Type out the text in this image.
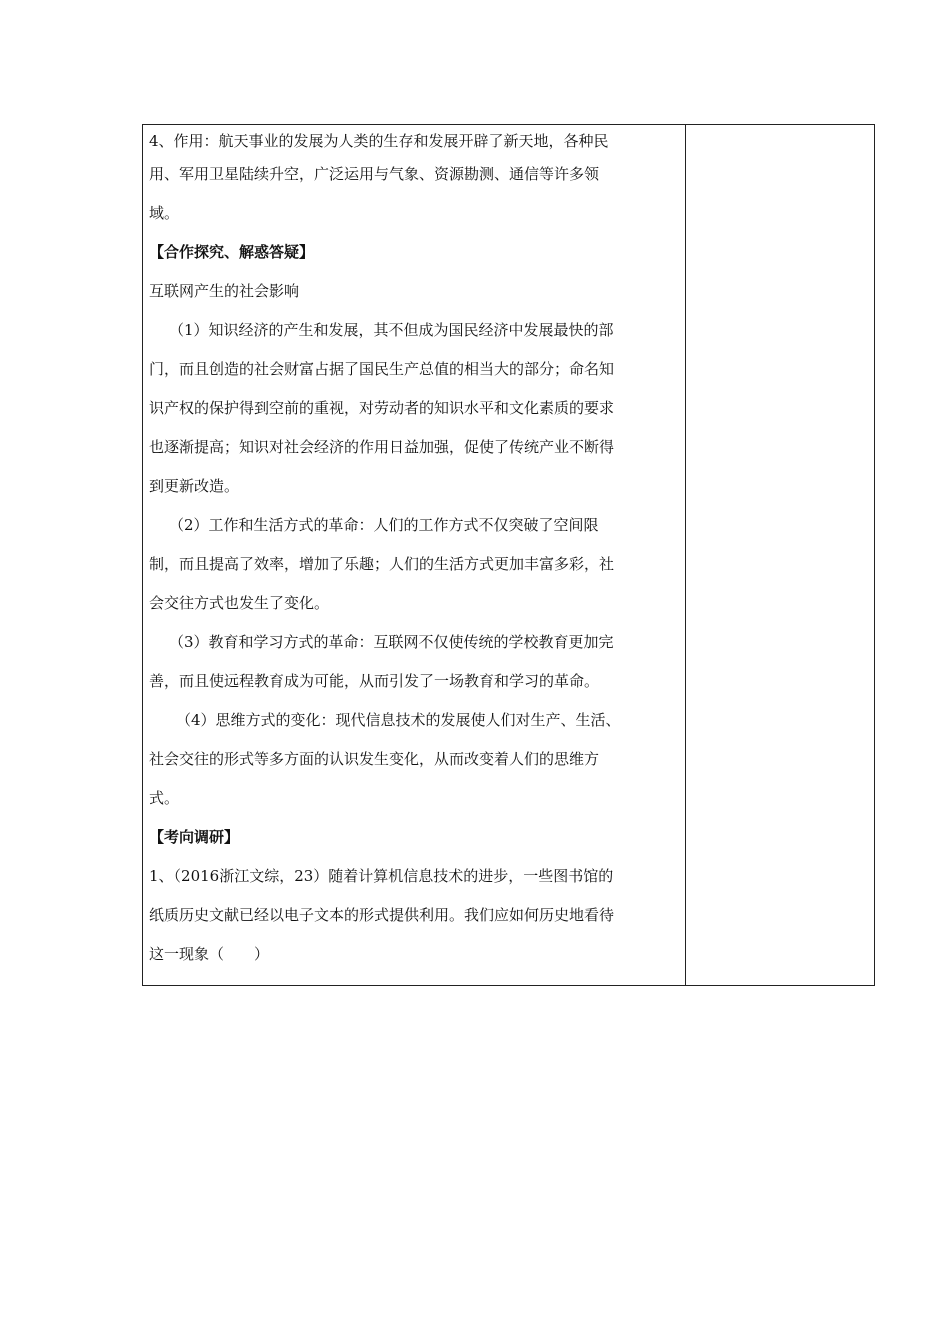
4、作用：航天事业的发展为人类的生存和发展开辟了新天地，各种民
用、军用卫星陆续升空，广泛运用与气象、资源勘测、通信等许多领
域。
【合作探究、解惑答疑】
互联网产生的社会影响
（1）知识经济的产生和发展，其不但成为国民经济中发展最快的部
门，而且创造的社会财富占据了国民生产总值的相当大的部分；命名知
识产权的保护得到空前的重视，对劳动者的知识水平和文化素质的要求
也逐渐提高；知识对社会经济的作用日益加强，促使了传统产业不断得
到更新改造。
（2）工作和生活方式的革命：人们的工作方式不仅突破了空间限
制，而且提高了效率，增加了乐趣；人们的生活方式更加丰富多彩，社
会交往方式也发生了变化。
（3）教育和学习方式的革命：互联网不仅使传统的学校教育更加完
善，而且使远程教育成为可能，从而引发了一场教育和学习的革命。
（4）思维方式的变化：现代信息技术的发展使人们对生产、生活、
社会交往的形式等多方面的认识发生变化，从而改变着人们的思维方
式。
【考向调研】
1、（2016浙江文综，23）随着计算机信息技术的进步，一些图书馆的
纸质历史文献已经以电子文本的形式提供利用。我们应如何历史地看待
这一现象（　　）
